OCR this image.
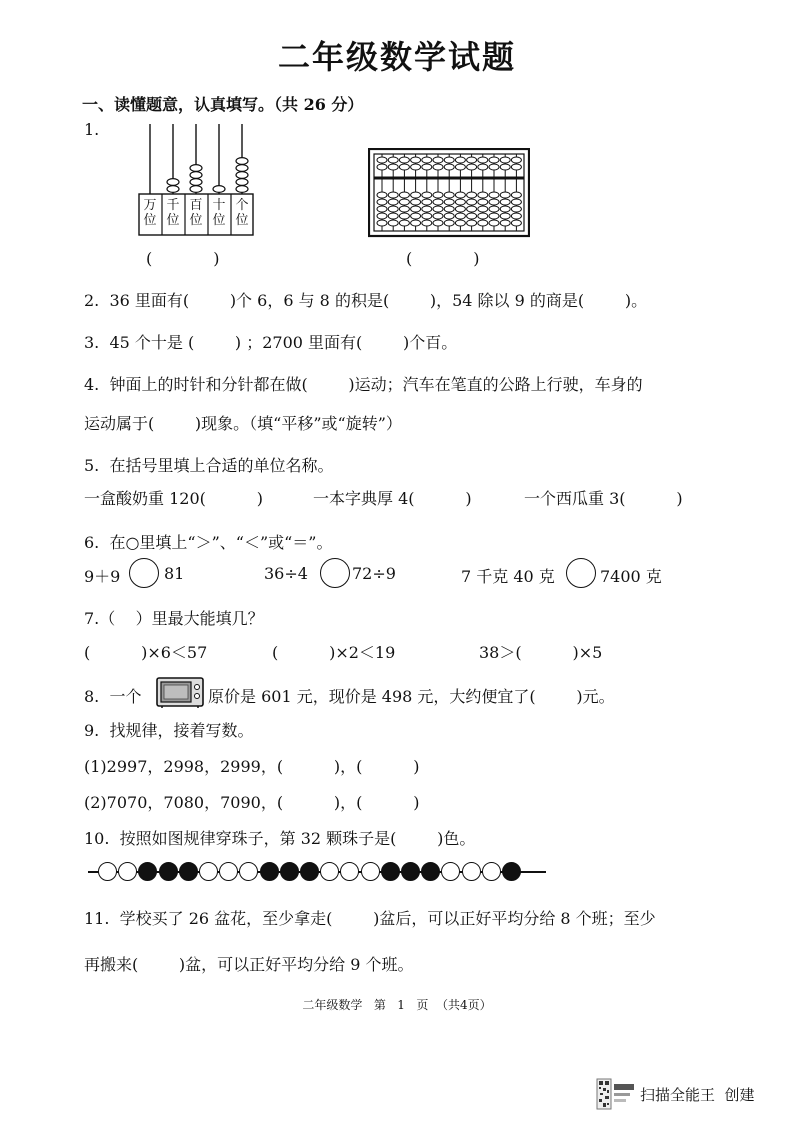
二年级数学试题
一、读懂题意，认真填写。（共 26 分）
1.
万
位
千
位
百
位
十
位
个
位
(            )	(            )
2.  36 里面有(        )个 6，6 与 8 的积是(        )，54 除以 9 的商是(        )。
3.  45 个十是 (        ) ；2700 里面有(        )个百。
4.  钟面上的时针和分针都在做(        )运动；汽车在笔直的公路上行驶，车身的
运动属于(        )现象。（填“平移”或“旋转”）
5.  在括号里填上合适的单位名称。
一盒酸奶重 120(          )	一本字典厚 4(          )	一个西瓜重 3(          )
6.  在○里填上“＞”、“＜”或“＝”。
9＋9	81	36÷4	72÷9	7 千克 40 克	7400 克
7.（    ）里最大能填几？
(          )×6＜57	(          )×2＜19	38＞(          )×5
8.  一个	原价是 601 元，现价是 498 元，大约便宜了(        )元。
9.  找规律，接着写数。
(1)2997，2998，2999，(          )，(          )
(2)7070，7080，7090，(          )，(          )
10.  按照如图规律穿珠子，第 32 颗珠子是(        )色。
11.  学校买了 26 盆花，至少拿走(        )盆后，可以正好平均分给 8 个班；至少
再搬来(        )盆，可以正好平均分给 9 个班。
二年级数学   第   1   页  （共4页）
扫描全能王  创建
